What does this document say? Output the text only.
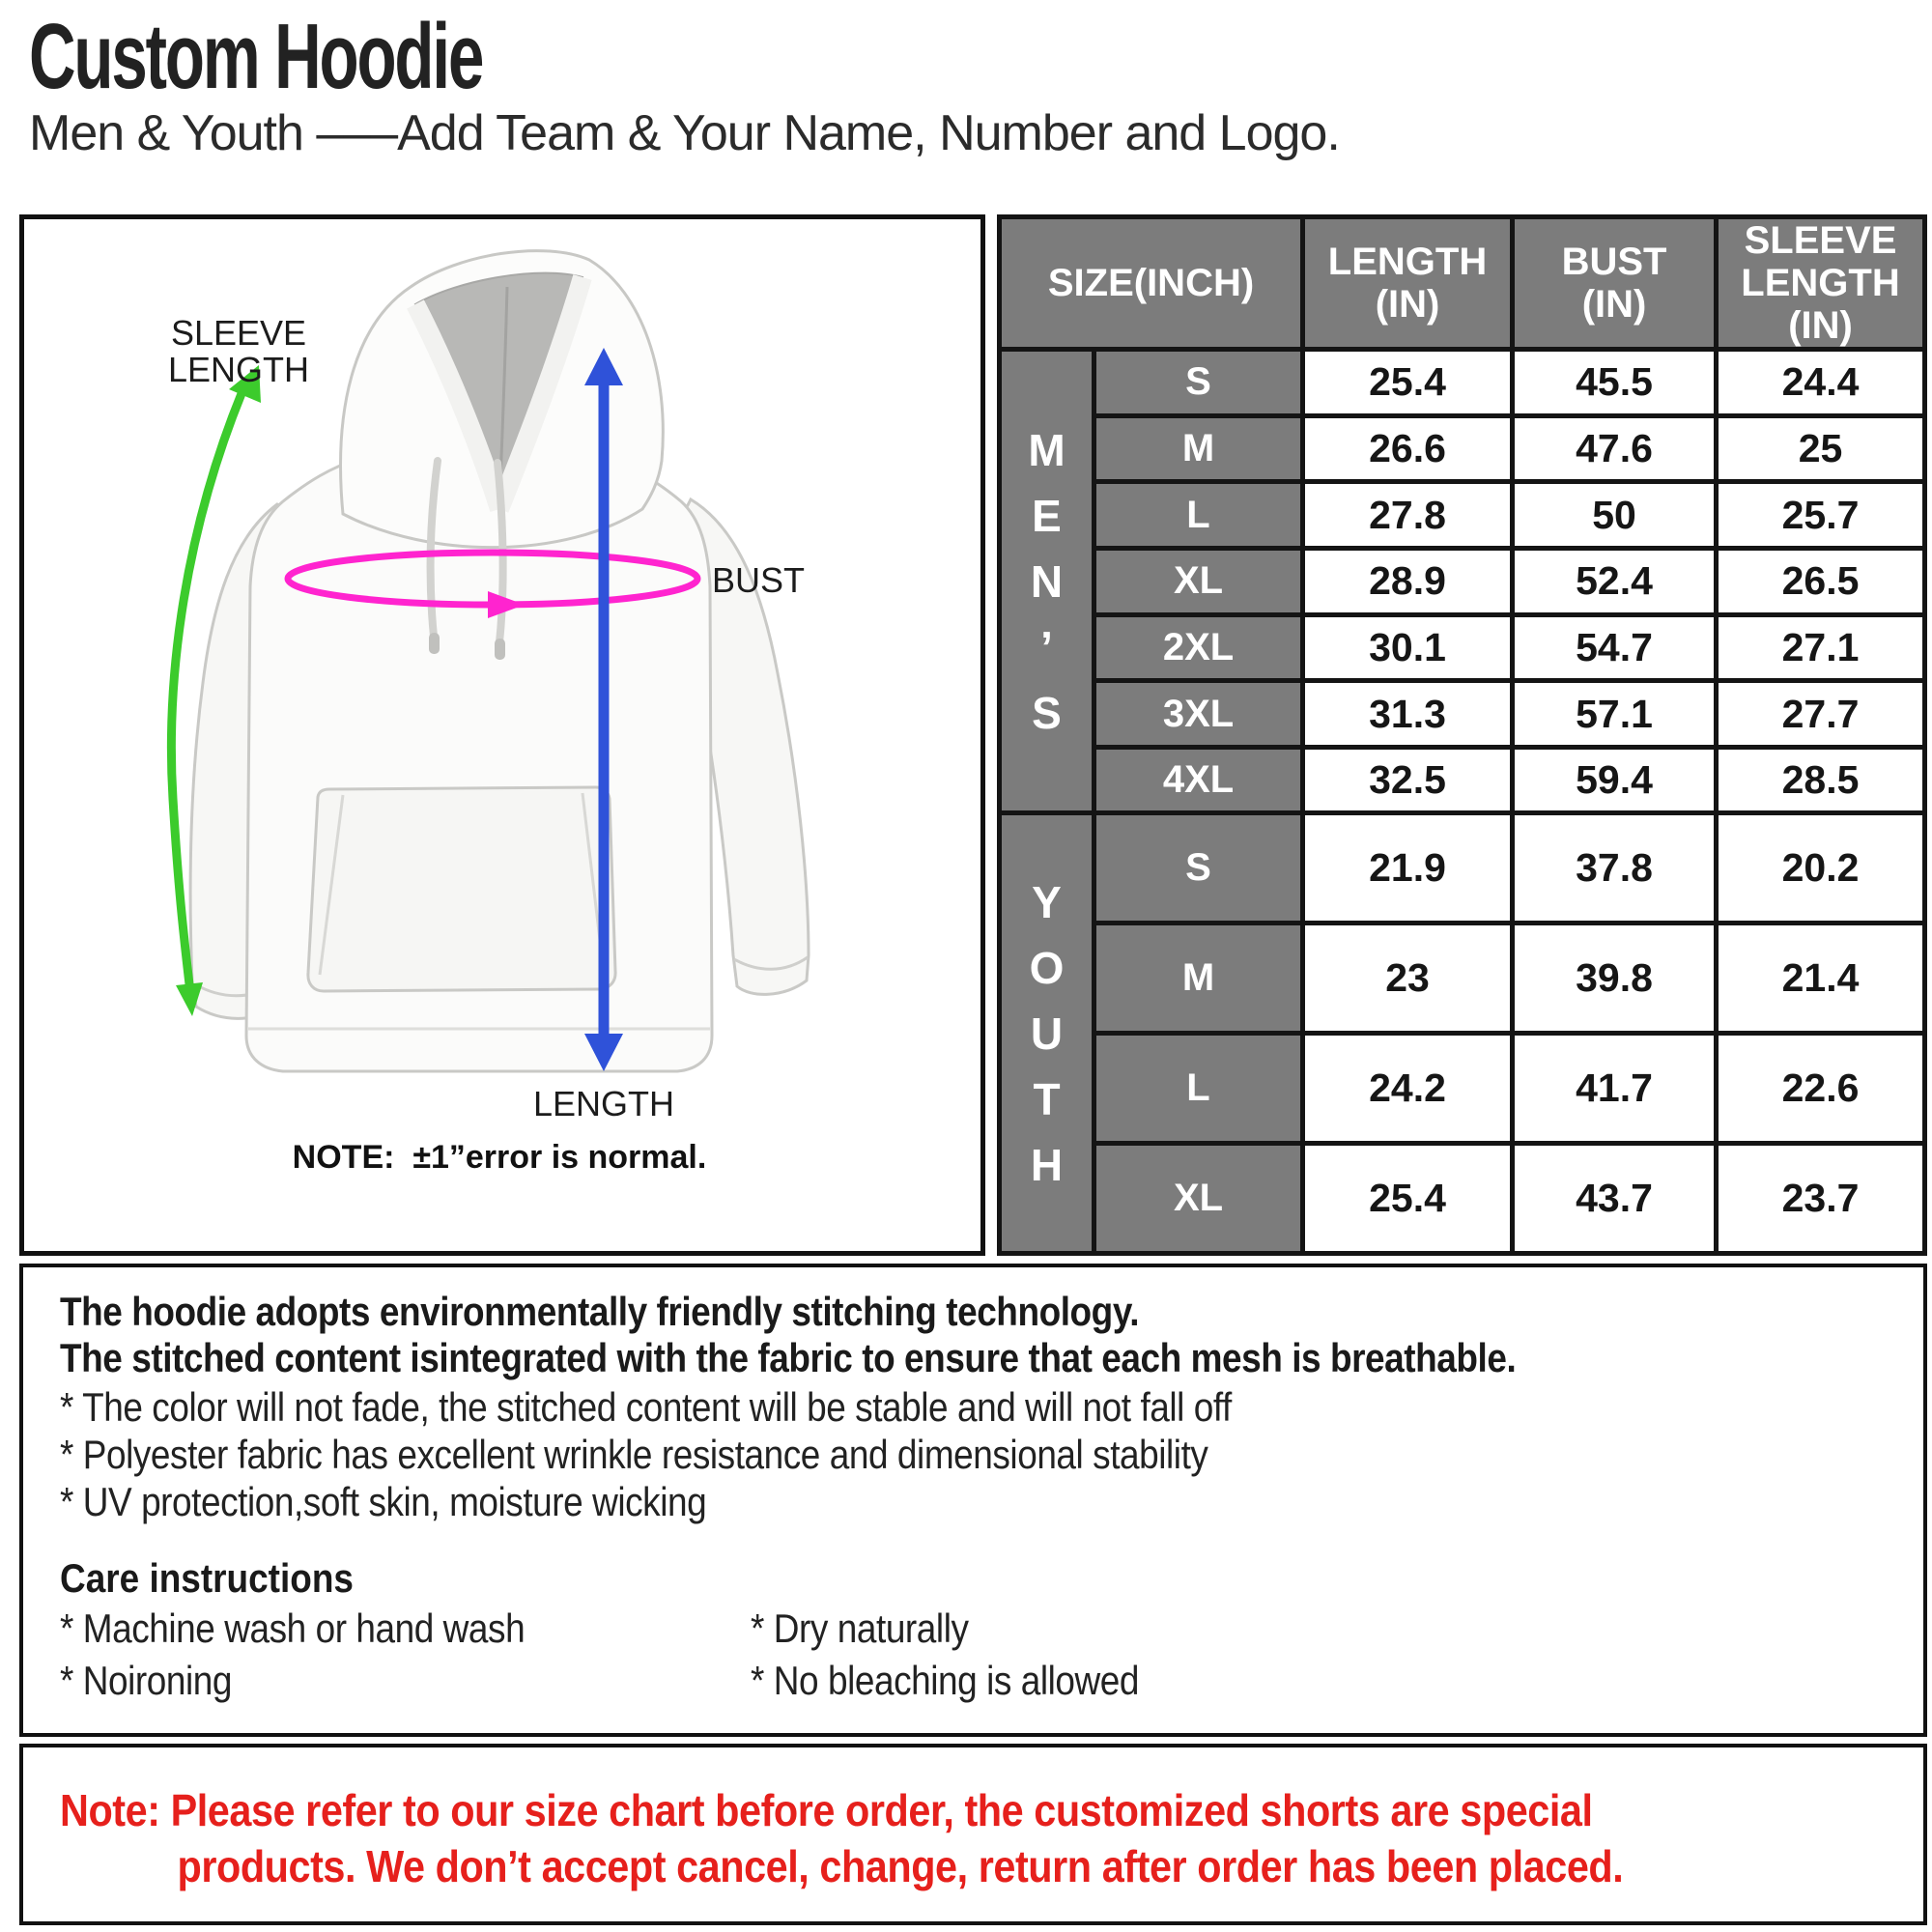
Custom Hoodie
Men & Youth –––Add Team & Your Name, Number and Logo.
SLEEVE
LENGTH
BUST
LENGTH
NOTE:  ±1”error is normal.
SIZE(INCH)	LENGTH
(IN)

BUST
(IN)

SLEEVE
LENGTH
(IN)

M
E
N
’
S	S	25.4	45.5	24.4
	M	26.6	47.6	25
	L	27.8	50	25.7
	XL	28.9	52.4	26.5
	2XL	30.1	54.7	27.1
	3XL	31.3	57.1	27.7
	4XL	32.5	59.4	28.5

Y
O
U
T
H	S	21.9	37.8	20.2
	M	23	39.8	21.4
	L	24.2	41.7	22.6
	XL	25.4	43.7	23.7

The hoodie adopts environmentally friendly stitching technology.

The stitched content isintegrated with the fabric to ensure that each mesh is breathable.

* The color will not fade, the stitched content will be stable and will not fall off

* Polyester fabric has excellent wrinkle resistance and dimensional stability

* UV protection,soft skin, moisture wicking

Care instructions

* Machine wash or hand wash	* Dry naturally

* Noironing	* No bleaching is allowed

Note: Please refer to our size chart before order, the customized shorts are special

products. We don’t accept cancel, change, return after order has been placed.
